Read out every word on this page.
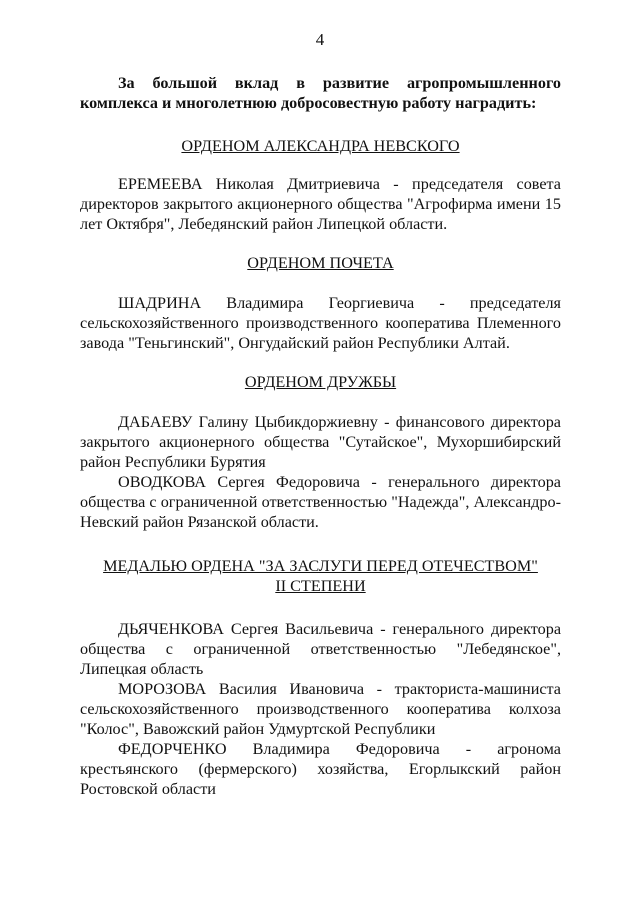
4

За большой вклад в развитие агропромышленного комплекса и многолетнюю добросовестную работу наградить:

ОРДЕНОМ АЛЕКСАНДРА НЕВСКОГО

ЕРЕМЕЕВА Николая Дмитриевича - председателя совета директоров закрытого акционерного общества "Агрофирма имени 15 лет Октября", Лебедянский район Липецкой области.

ОРДЕНОМ ПОЧЕТА

ШАДРИНА Владимира Георгиевича - председателя сельскохозяйственного производственного кооператива Племенного завода "Теньгинский", Онгудайский район Республики Алтай.

ОРДЕНОМ ДРУЖБЫ

ДАБАЕВУ Галину Цыбикдоржиевну - финансового директора закрытого акционерного общества "Сутайское", Мухоршибирский район Республики Бурятия

ОВОДКОВА Сергея Федоровича - генерального директора общества с ограниченной ответственностью "Надежда", Александро-Невский район Рязанской области.

МЕДАЛЬЮ ОРДЕНА "ЗА ЗАСЛУГИ ПЕРЕД ОТЕЧЕСТВОМ"
II СТЕПЕНИ

ДЬЯЧЕНКОВА Сергея Васильевича - генерального директора общества с ограниченной ответственностью "Лебедянское", Липецкая область

МОРОЗОВА Василия Ивановича - тракториста-машиниста сельскохозяйственного производственного кооператива колхоза "Колос", Вавожский район Удмуртской Республики

ФЕДОРЧЕНКО Владимира Федоровича - агронома крестьянского (фермерского) хозяйства, Егорлыкский район Ростовской области
